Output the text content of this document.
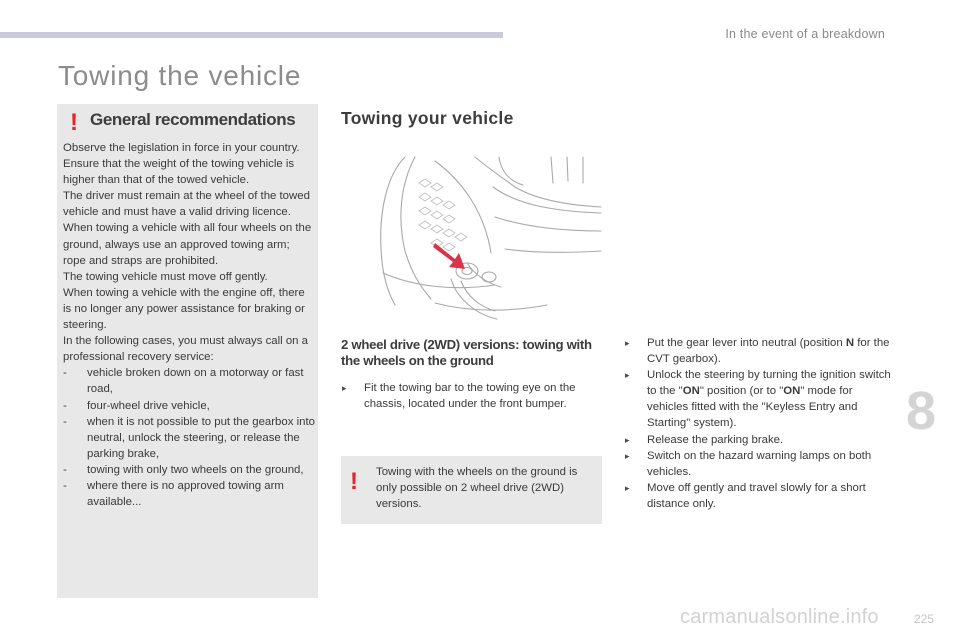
In the event of a breakdown
Towing the vehicle
! General recommendations

Observe the legislation in force in your country.

Ensure that the weight of the towing vehicle is higher than that of the towed vehicle.

The driver must remain at the wheel of the towed vehicle and must have a valid driving licence.

When towing a vehicle with all four wheels on the ground, always use an approved towing arm; rope and straps are prohibited.

The towing vehicle must move off gently.

When towing a vehicle with the engine off, there is no longer any power assistance for braking or steering.

In the following cases, you must always call on a professional recovery service:

- vehicle broken down on a motorway or fast road,
- four-wheel drive vehicle,
- when it is not possible to put the gearbox into neutral, unlock the steering, or release the parking brake,
- towing with only two wheels on the ground,
- where there is no approved towing arm available...
Towing your vehicle
2 wheel drive (2WD) versions: towing with the wheels on the ground
▸ Fit the towing bar to the towing eye on the chassis, located under the front bumper.
! Towing with the wheels on the ground is only possible on 2 wheel drive (2WD) versions.
▸ Put the gear lever into neutral (position N for the CVT gearbox).
▸ Unlock the steering by turning the ignition switch to the "ON" position (or to "ON" mode for vehicles fitted with the "Keyless Entry and Starting" system).
▸ Release the parking brake.
▸ Switch on the hazard warning lamps on both vehicles.
▸ Move off gently and travel slowly for a short distance only.
8
carmanualsonline.info	225
